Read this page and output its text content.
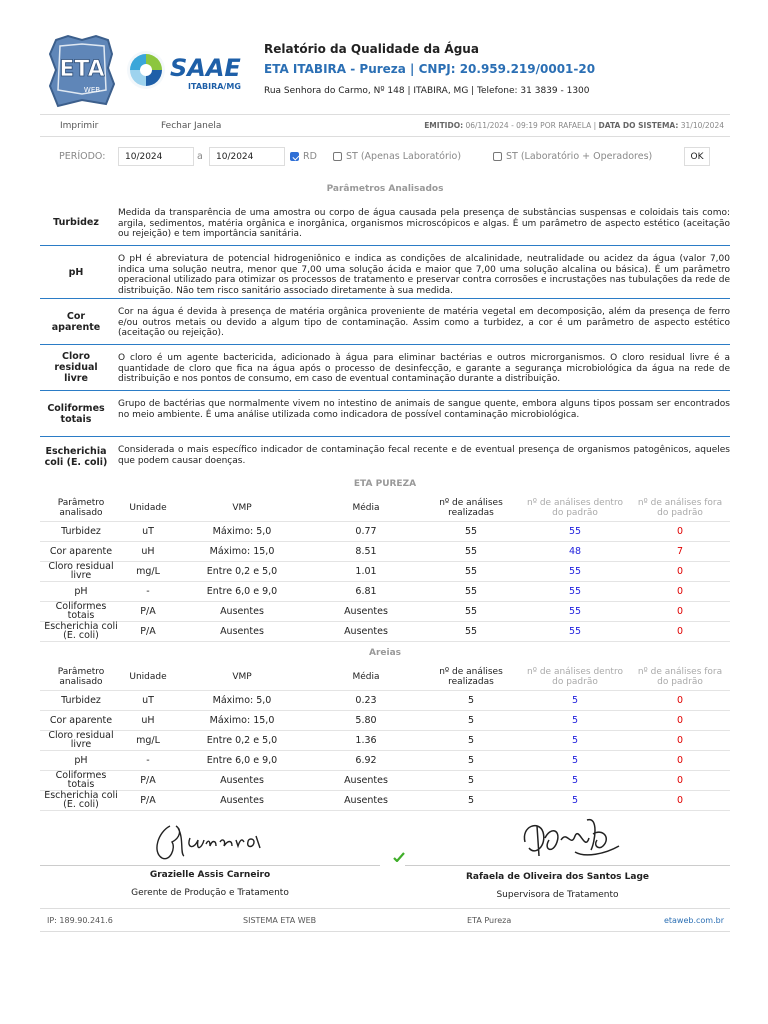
ETA
WEB
SAAE
ITABIRA/MG
Relatório da Qualidade da Água
ETA ITABIRA - Pureza | CNPJ: 20.959.219/0001-20
Rua Senhora do Carmo, Nº 148 | ITABIRA, MG | Telefone: 31 3839 - 1300
Imprimir	Fechar Janela	EMITIDO: 06/11/2024 - 09:19 POR RAFAELA | DATA DO SISTEMA: 31/10/2024
PERÍODO:
10/2024	a
10/2024	RD	ST (Apenas Laboratório)	ST (Laboratório + Operadores)	OK
Parâmetros Analisados
Turbidez
Medida da transparência de uma amostra ou corpo de água causada pela presença de substâncias suspensas e coloidais tais como: argila, sedimentos, matéria orgânica e inorgânica, organismos microscópicos e algas. É um parâmetro de aspecto estético (aceitação ou rejeição) e tem importância sanitária.
pH
O pH é abreviatura de potencial hidrogeniônico e indica as condições de alcalinidade, neutralidade ou acidez da água (valor 7,00 indica uma solução neutra, menor que 7,00 uma solução ácida e maior que 7,00 uma solução alcalina ou básica). É um parâmetro operacional utilizado para otimizar os processos de tratamento e preservar contra corrosões e incrustações nas tubulações da rede de distribuição. Não tem risco sanitário associado diretamente à sua medida.
Cor aparente
Cor na água é devida à presença de matéria orgânica proveniente de matéria vegetal em decomposição, além da presença de ferro e/ou outros metais ou devido a algum tipo de contaminação. Assim como a turbidez, a cor é um parâmetro de aspecto estético (aceitação ou rejeição).
Cloro residual livre
O cloro é um agente bactericida, adicionado à água para eliminar bactérias e outros microrganismos. O cloro residual livre é a quantidade de cloro que fica na água após o processo de desinfecção, e garante a segurança microbiológica da água na rede de distribuição e nos pontos de consumo, em caso de eventual contaminação durante a distribuição.
Coliformes totais
Grupo de bactérias que normalmente vivem no intestino de animais de sangue quente, embora alguns tipos possam ser encontrados no meio ambiente. É uma análise utilizada como indicadora de possível contaminação microbiológica.
Escherichia coli (E. coli)
Considerada o mais específico indicador de contaminação fecal recente e de eventual presença de organismos patogênicos, aqueles que podem causar doenças.
ETA PUREZA
Parâmetro analisado	Unidade	VMP	Média	nº de análises realizadas	nº de análises dentro do padrão	nº de análises fora do padrão
Turbidez	uT	Máximo: 5,0	0.77	55	55	0
Cor aparente	uH	Máximo: 15,0	8.51	55	48	7
Cloro residual livre	mg/L	Entre 0,2 e 5,0	1.01	55	55	0
pH	-	Entre 6,0 e 9,0	6.81	55	55	0
Coliformes totais	P/A	Ausentes	Ausentes	55	55	0
Escherichia coli (E. coli)	P/A	Ausentes	Ausentes	55	55	0
Areias
Parâmetro analisado	Unidade	VMP	Média	nº de análises realizadas	nº de análises dentro do padrão	nº de análises fora do padrão
Turbidez	uT	Máximo: 5,0	0.23	5	5	0
Cor aparente	uH	Máximo: 15,0	5.80	5	5	0
Cloro residual livre	mg/L	Entre 0,2 e 5,0	1.36	5	5	0
pH	-	Entre 6,0 e 9,0	6.92	5	5	0
Coliformes totais	P/A	Ausentes	Ausentes	5	5	0
Escherichia coli (E. coli)	P/A	Ausentes	Ausentes	5	5	0
Grazielle Assis Carneiro
Gerente de Produção e Tratamento
Rafaela de Oliveira dos Santos Lage
Supervisora de Tratamento
IP: 189.90.241.6	SISTEMA ETA WEB	ETA Pureza	etaweb.com.br
